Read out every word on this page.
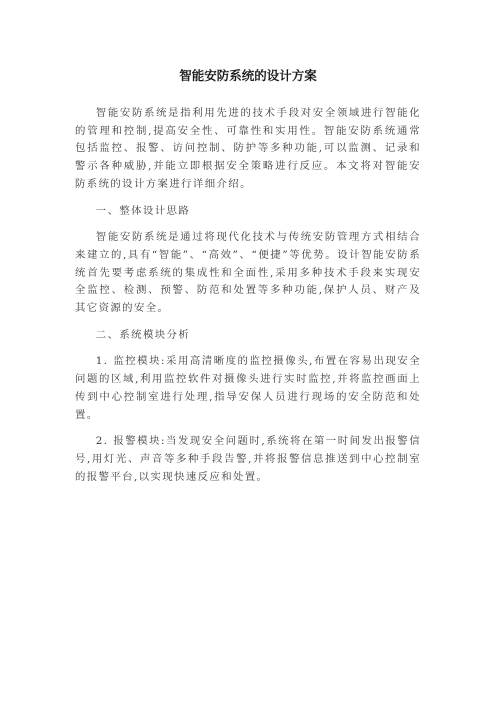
智能安防系统的设计方案

智能安防系统是指利用先进的技术手段对安全领域进行智能化的管理和控制,提高安全性、可靠性和实用性。智能安防系统通常包括监控、报警、访问控制、防护等多种功能,可以监测、记录和警示各种威胁,并能立即根据安全策略进行反应。本文将对智能安防系统的设计方案进行详细介绍。

一、整体设计思路

智能安防系统是通过将现代化技术与传统安防管理方式相结合来建立的,具有“智能”、“高效”、“便捷”等优势。设计智能安防系统首先要考虑系统的集成性和全面性,采用多种技术手段来实现安全监控、检测、预警、防范和处置等多种功能,保护人员、财产及其它资源的安全。

二、系统模块分析

1. 监控模块:采用高清晰度的监控摄像头,布置在容易出现安全问题的区域,利用监控软件对摄像头进行实时监控,并将监控画面上传到中心控制室进行处理,指导安保人员进行现场的安全防范和处置。

2. 报警模块:当发现安全问题时,系统将在第一时间发出报警信号,用灯光、声音等多种手段告警,并将报警信息推送到中心控制室的报警平台,以实现快速反应和处置。
